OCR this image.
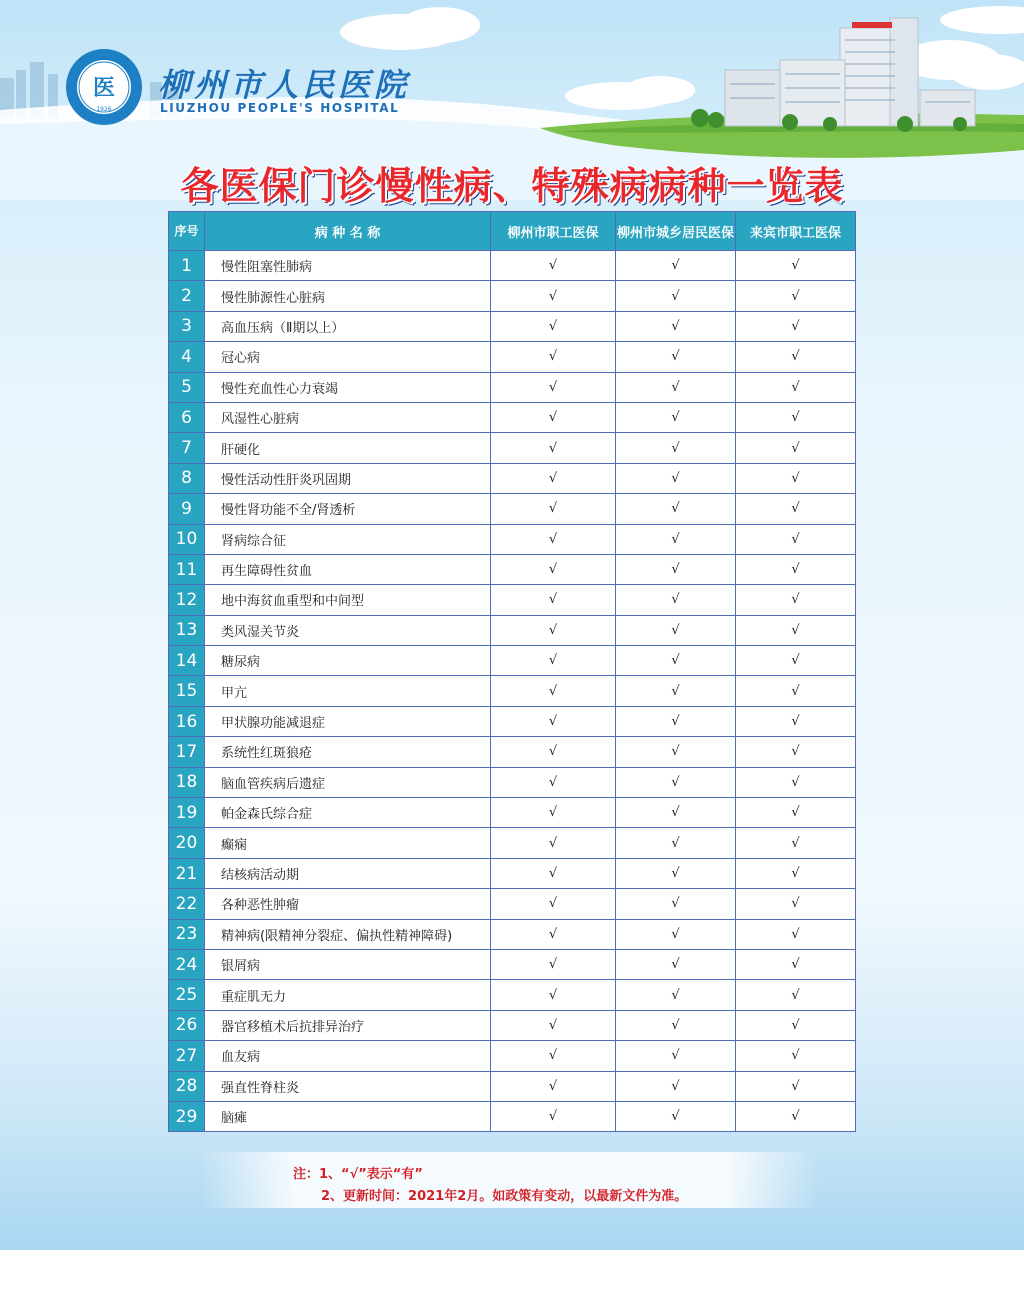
医
1926
柳州市人民医院
LIUZHOU PEOPLE'S HOSPITAL
各医保门诊慢性病、特殊病病种一览表
序号	病 种 名 称	柳州市职工医保	柳州市城乡居民医保	来宾市职工医保
1	慢性阻塞性肺病	√	√	√
2	慢性肺源性心脏病	√	√	√
3	高血压病（Ⅱ期以上）	√	√	√
4	冠心病	√	√	√
5	慢性充血性心力衰竭	√	√	√
6	风湿性心脏病	√	√	√
7	肝硬化	√	√	√
8	慢性活动性肝炎巩固期	√	√	√
9	慢性肾功能不全/肾透析	√	√	√
10	肾病综合征	√	√	√
11	再生障碍性贫血	√	√	√
12	地中海贫血重型和中间型	√	√	√
13	类风湿关节炎	√	√	√
14	糖尿病	√	√	√
15	甲亢	√	√	√
16	甲状腺功能减退症	√	√	√
17	系统性红斑狼疮	√	√	√
18	脑血管疾病后遗症	√	√	√
19	帕金森氏综合症	√	√	√
20	癫痫	√	√	√
21	结核病活动期	√	√	√
22	各种恶性肿瘤	√	√	√
23	精神病(限精神分裂症、偏执性精神障碍)	√	√	√
24	银屑病	√	√	√
25	重症肌无力	√	√	√
26	器官移植术后抗排异治疗	√	√	√
27	血友病	√	√	√
28	强直性脊柱炎	√	√	√
29	脑瘫	√	√	√
注：1、“√”表示“有”
2、更新时间：2021年2月。如政策有变动，以最新文件为准。
